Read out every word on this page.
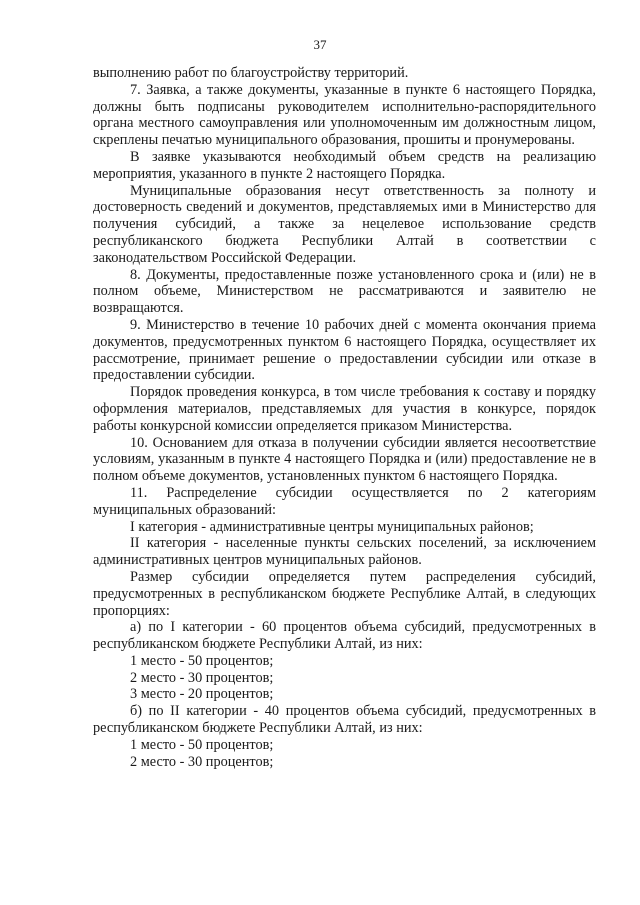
37

выполнению работ по благоустройству территорий.

7. Заявка, а также документы, указанные в пункте 6 настоящего Порядка, должны быть подписаны руководителем исполнительно-распорядительного органа местного самоуправления или уполномоченным им должностным лицом, скреплены печатью муниципального образования, прошиты и пронумерованы.

В заявке указываются необходимый объем средств на реализацию мероприятия, указанного в пункте 2 настоящего Порядка.

Муниципальные образования несут ответственность за полноту и достоверность сведений и документов, представляемых ими в Министерство для получения субсидий, а также за нецелевое использование средств республиканского бюджета Республики Алтай в соответствии с законодательством Российской Федерации.

8. Документы, предоставленные позже установленного срока и (или) не в полном объеме, Министерством не рассматриваются и заявителю не возвращаются.

9. Министерство в течение 10 рабочих дней с момента окончания приема документов, предусмотренных пунктом 6 настоящего Порядка, осуществляет их рассмотрение, принимает решение о предоставлении субсидии или отказе в предоставлении субсидии.

Порядок проведения конкурса, в том числе требования к составу и порядку оформления материалов, представляемых для участия в конкурсе, порядок работы конкурсной комиссии определяется приказом Министерства.

10. Основанием для отказа в получении субсидии является несоответствие условиям, указанным в пункте 4 настоящего Порядка и (или) предоставление не в полном объеме документов, установленных пунктом 6 настоящего Порядка.

11. Распределение субсидии осуществляется по 2 категориям муниципальных образований:

I категория - административные центры муниципальных районов;

II категория - населенные пункты сельских поселений, за исключением административных центров муниципальных районов.

Размер субсидии определяется путем распределения субсидий, предусмотренных в республиканском бюджете Республике Алтай, в следующих пропорциях:

а) по I категории - 60 процентов объема субсидий, предусмотренных в республиканском бюджете Республики Алтай, из них:

1 место - 50 процентов;

2 место - 30 процентов;

3 место - 20 процентов;

б) по II категории - 40 процентов объема субсидий, предусмотренных в республиканском бюджете Республики Алтай, из них:

1 место - 50 процентов;

2 место - 30 процентов;
